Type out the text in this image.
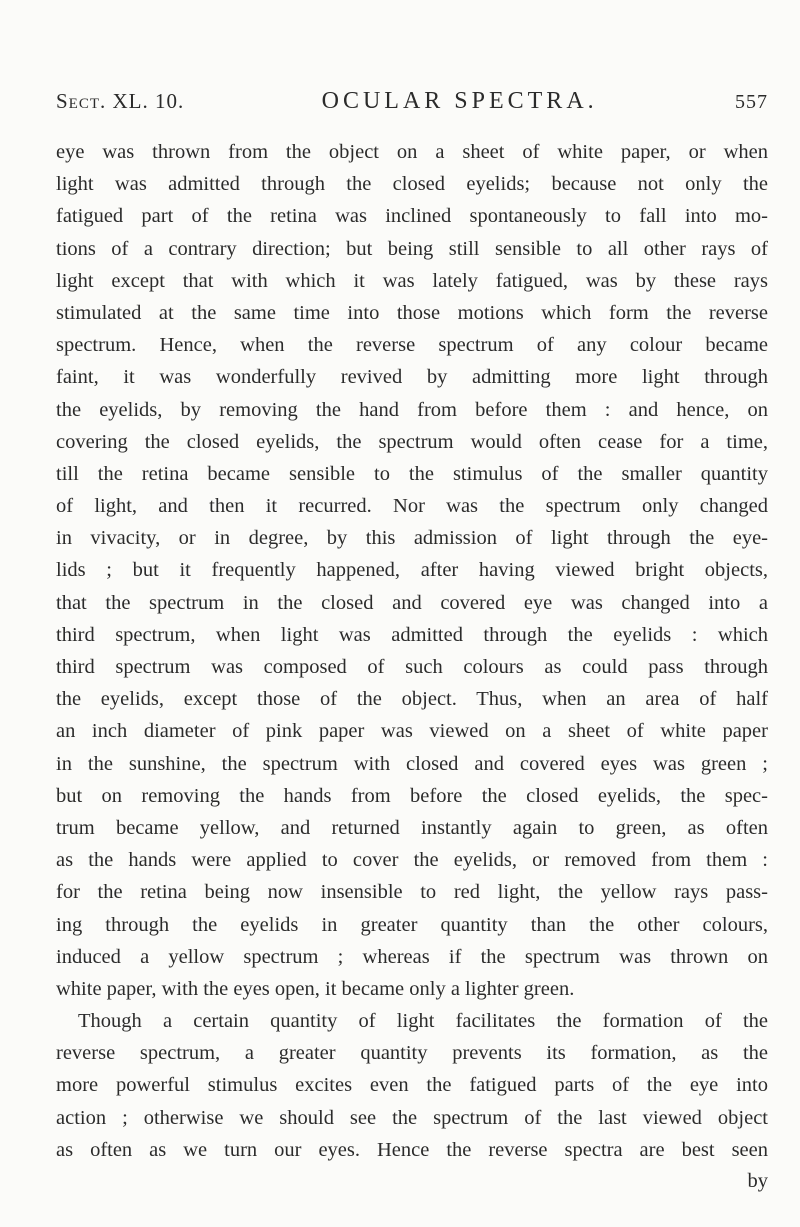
Sect. XL. 10.	OCULAR SPECTRA.	557
eye was thrown from the object on a sheet of white paper, or when
light was admitted through the closed eyelids; because not only the
fatigued part of the retina was inclined spontaneously to fall into mo-
tions of a contrary direction; but being still sensible to all other rays of
light except that with which it was lately fatigued, was by these rays
stimulated at the same time into those motions which form the reverse
spectrum. Hence, when the reverse spectrum of any colour became
faint, it was wonderfully revived by admitting more light through
the eyelids, by removing the hand from before them : and hence, on
covering the closed eyelids, the spectrum would often cease for a time,
till the retina became sensible to the stimulus of the smaller quantity
of light, and then it recurred. Nor was the spectrum only changed
in vivacity, or in degree, by this admission of light through the eye-
lids ; but it frequently happened, after having viewed bright objects,
that the spectrum in the closed and covered eye was changed into a
third spectrum, when light was admitted through the eyelids : which
third spectrum was composed of such colours as could pass through
the eyelids, except those of the object. Thus, when an area of half
an inch diameter of pink paper was viewed on a sheet of white paper
in the sunshine, the spectrum with closed and covered eyes was green ;
but on removing the hands from before the closed eyelids, the spec-
trum became yellow, and returned instantly again to green, as often
as the hands were applied to cover the eyelids, or removed from them :
for the retina being now insensible to red light, the yellow rays pass-
ing through the eyelids in greater quantity than the other colours,
induced a yellow spectrum ; whereas if the spectrum was thrown on
white paper, with the eyes open, it became only a lighter green.
Though a certain quantity of light facilitates the formation of the
reverse spectrum, a greater quantity prevents its formation, as the
more powerful stimulus excites even the fatigued parts of the eye into
action ; otherwise we should see the spectrum of the last viewed object
as often as we turn our eyes. Hence the reverse spectra are best seen
by
